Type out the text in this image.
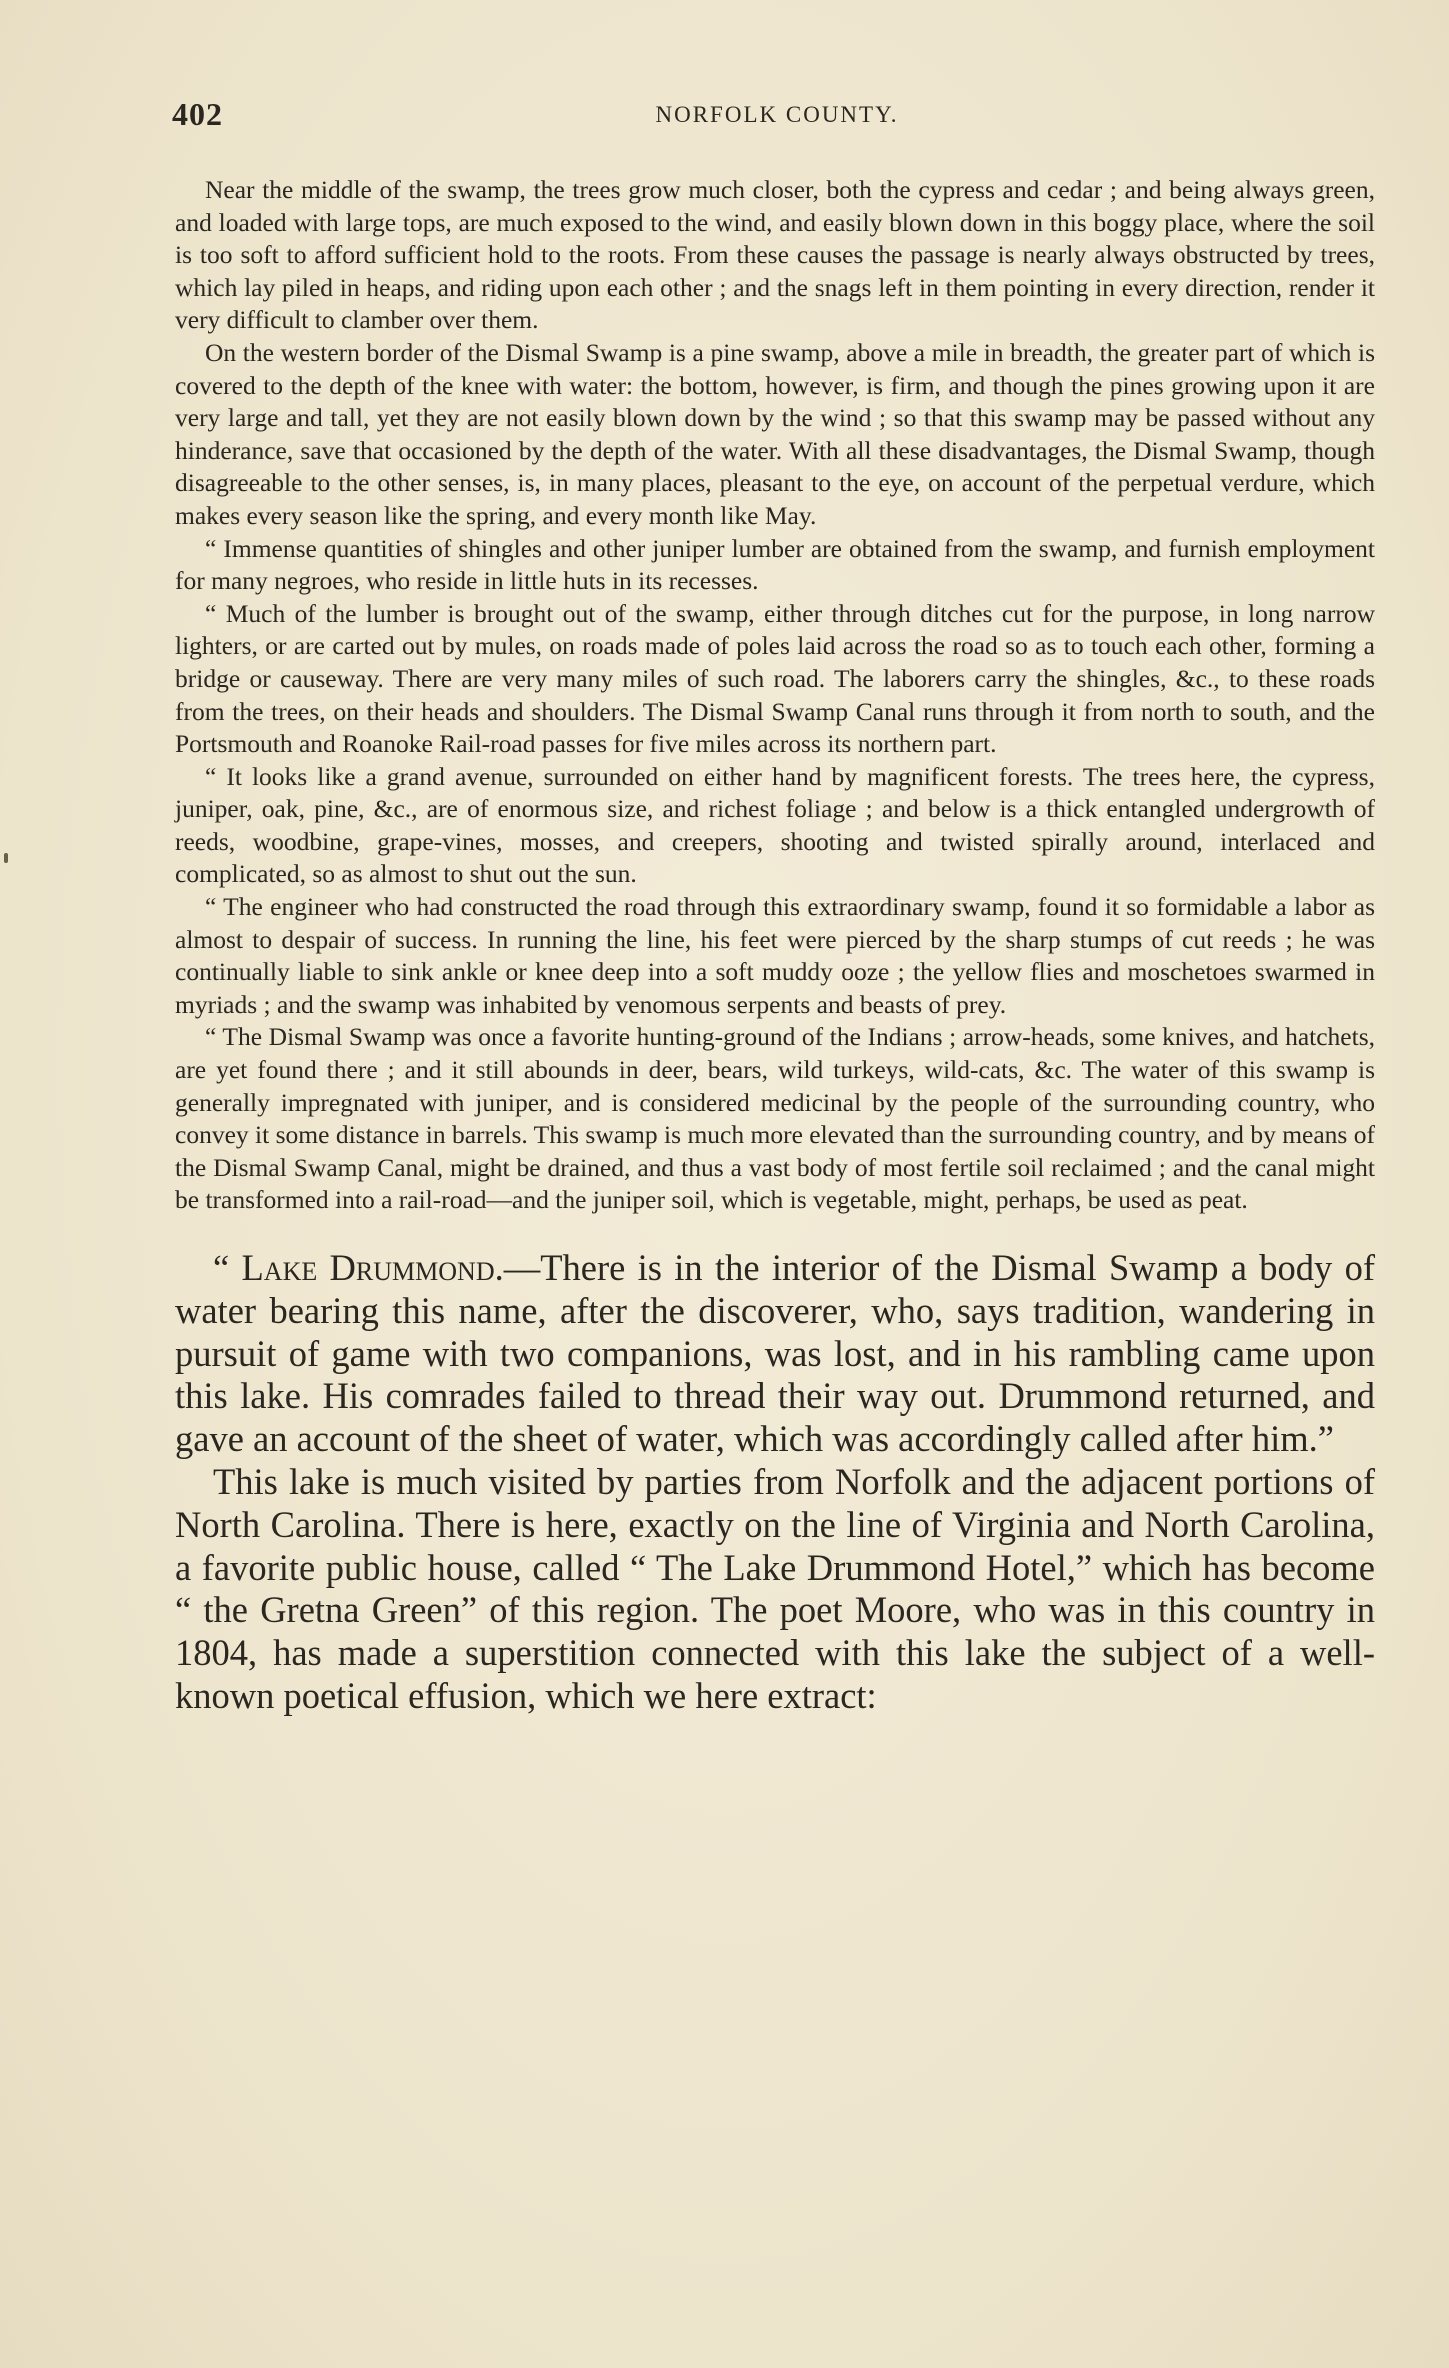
402	NORFOLK COUNTY.

Near the middle of the swamp, the trees grow much closer, both the cypress and cedar ; and being always green, and loaded with large tops, are much exposed to the wind, and easily blown down in this boggy place, where the soil is too soft to afford sufficient hold to the roots. From these causes the passage is nearly always obstructed by trees, which lay piled in heaps, and riding upon each other ; and the snags left in them pointing in every direction, render it very difficult to clamber over them.

On the western border of the Dismal Swamp is a pine swamp, above a mile in breadth, the greater part of which is covered to the depth of the knee with water: the bottom, however, is firm, and though the pines growing upon it are very large and tall, yet they are not easily blown down by the wind ; so that this swamp may be passed without any hinderance, save that occasioned by the depth of the water. With all these disadvantages, the Dismal Swamp, though disagreeable to the other senses, is, in many places, pleasant to the eye, on account of the perpetual verdure, which makes every season like the spring, and every month like May.

“ Immense quantities of shingles and other juniper lumber are obtained from the swamp, and furnish employment for many negroes, who reside in little huts in its recesses.

“ Much of the lumber is brought out of the swamp, either through ditches cut for the purpose, in long narrow lighters, or are carted out by mules, on roads made of poles laid across the road so as to touch each other, forming a bridge or causeway. There are very many miles of such road. The laborers carry the shingles, &c., to these roads from the trees, on their heads and shoulders. The Dismal Swamp Canal runs through it from north to south, and the Portsmouth and Roanoke Rail-road passes for five miles across its northern part.

“ It looks like a grand avenue, surrounded on either hand by magnificent forests. The trees here, the cypress, juniper, oak, pine, &c., are of enormous size, and richest foliage ; and below is a thick entangled undergrowth of reeds, woodbine, grape-vines, mosses, and creepers, shooting and twisted spirally around, interlaced and complicated, so as almost to shut out the sun.

“ The engineer who had constructed the road through this extraordinary swamp, found it so formidable a labor as almost to despair of success. In running the line, his feet were pierced by the sharp stumps of cut reeds ; he was continually liable to sink ankle or knee deep into a soft muddy ooze ; the yellow flies and moschetoes swarmed in myriads ; and the swamp was inhabited by venomous serpents and beasts of prey.

“ The Dismal Swamp was once a favorite hunting-ground of the Indians ; arrow-heads, some knives, and hatchets, are yet found there ; and it still abounds in deer, bears, wild turkeys, wild-cats, &c. The water of this swamp is generally impregnated with juniper, and is considered medicinal by the people of the surrounding country, who convey it some distance in barrels. This swamp is much more elevated than the surrounding country, and by means of the Dismal Swamp Canal, might be drained, and thus a vast body of most fertile soil reclaimed ; and the canal might be transformed into a rail-road—and the juniper soil, which is vegetable, might, perhaps, be used as peat.

“ Lake Drummond.—There is in the interior of the Dismal Swamp a body of water bearing this name, after the discoverer, who, says tradition, wandering in pursuit of game with two companions, was lost, and in his rambling came upon this lake. His comrades failed to thread their way out. Drummond returned, and gave an account of the sheet of water, which was accordingly called after him.”

This lake is much visited by parties from Norfolk and the adjacent portions of North Carolina. There is here, exactly on the line of Virginia and North Carolina, a favorite public house, called “ The Lake Drummond Hotel,” which has become “ the Gretna Green” of this region. The poet Moore, who was in this country in 1804, has made a superstition connected with this lake the subject of a well-known poetical effusion, which we here extract:
